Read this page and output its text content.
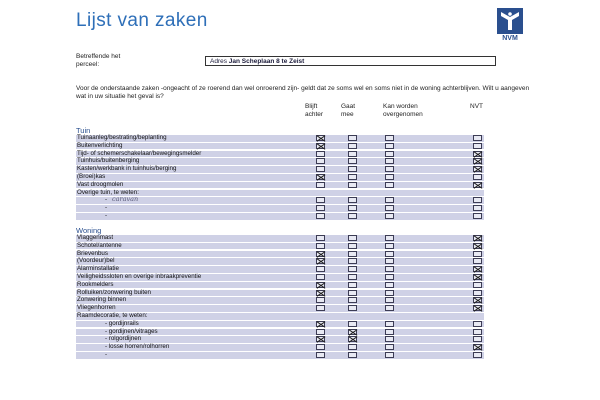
Lijst van zaken
NVM
Betreffende het
perceel:	Adres Jan Scheplaan 8 te Zeist
Voor de onderstaande zaken -ongeacht of ze roerend dan wel onroerend zijn- geldt dat ze soms wel en soms niet in de woning achterblijven. Wilt u aangeven wat in uw situatie het geval is?
Blijft
achter
Gaat
mee
Kan worden
overgenomen
NVT
Tuin
Tuinaanleg/bestrating/beplanting
Buitenverlichting
Tijd- of schemerschakelaar/bewegingsmelder
Tuinhuis/buitenberging
Kasten/werkbank in tuinhuis/berging
(Broei)kas
Vast droogmolen
Overige tuin, te weten:
- caravan
-
-
Woning
Vlaggenmast
Schotel/antenne
Brievenbus
(Voordeur)bel
Alarminstallatie
Veiligheidssloten en overige inbraakpreventie
Rookmelders
Rolluiken/zonwering buiten
Zonwering binnen
Vliegenhorren
Raamdecoratie, te weten:
- gordijnrails
- gordijnen/vitrages
- rolgordijnen
- losse horren/rolhorren
-
